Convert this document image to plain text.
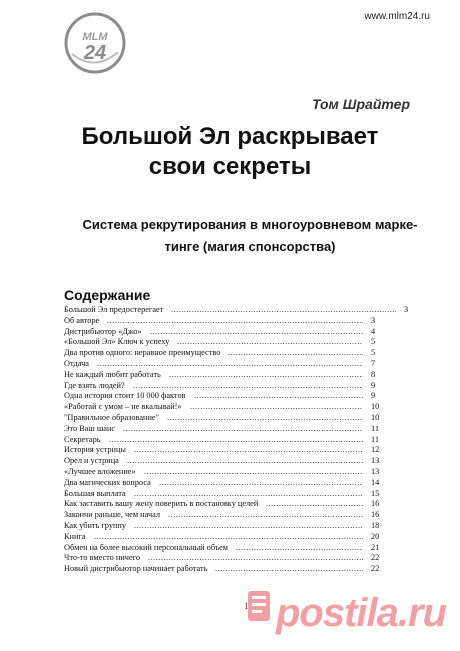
MLM
24
www.mlm24.ru
Том Шрайтер
Большой Эл раскрывает
свои секреты

Система рекрутирования в многоуровневом марке-
тинге (магия спонсорства)

Содержание
Большой Эл предостерегает .....	3
Об авторе .....	3
Дистрибьютор «Джо» .....	4
«Большой Эл» Ключ к успеху .....	5
Два против одного: неравное преимущество .....	5
Отдача .....	7
Не каждый любит работать .....	8
Где взять людей? .....	9
Одна история стоит 10 000 фактов .....	9
«Работай с умом – не вкалывай!» .....	10
"Правильное образование" .....	10
Это Ваш шанс .....	11
Секретарь .....	11
История устрицы .....	12
Орел и устрица .....	13
«Лучшее вложение» .....	13
Два магических вопроса .....	14
Большая выплата .....	15
Как заставить вашу жену поверить в постановку целей .....	16
Закончи раньше, чем начал .....	16
Как убить группу .....	18
Книга .....	20
Обмен на более высокий персональный объем .....	21
Что-то вместо ничего .....	22
Новый дистрибьютор начинает работать .....	22
1 postila.ru
